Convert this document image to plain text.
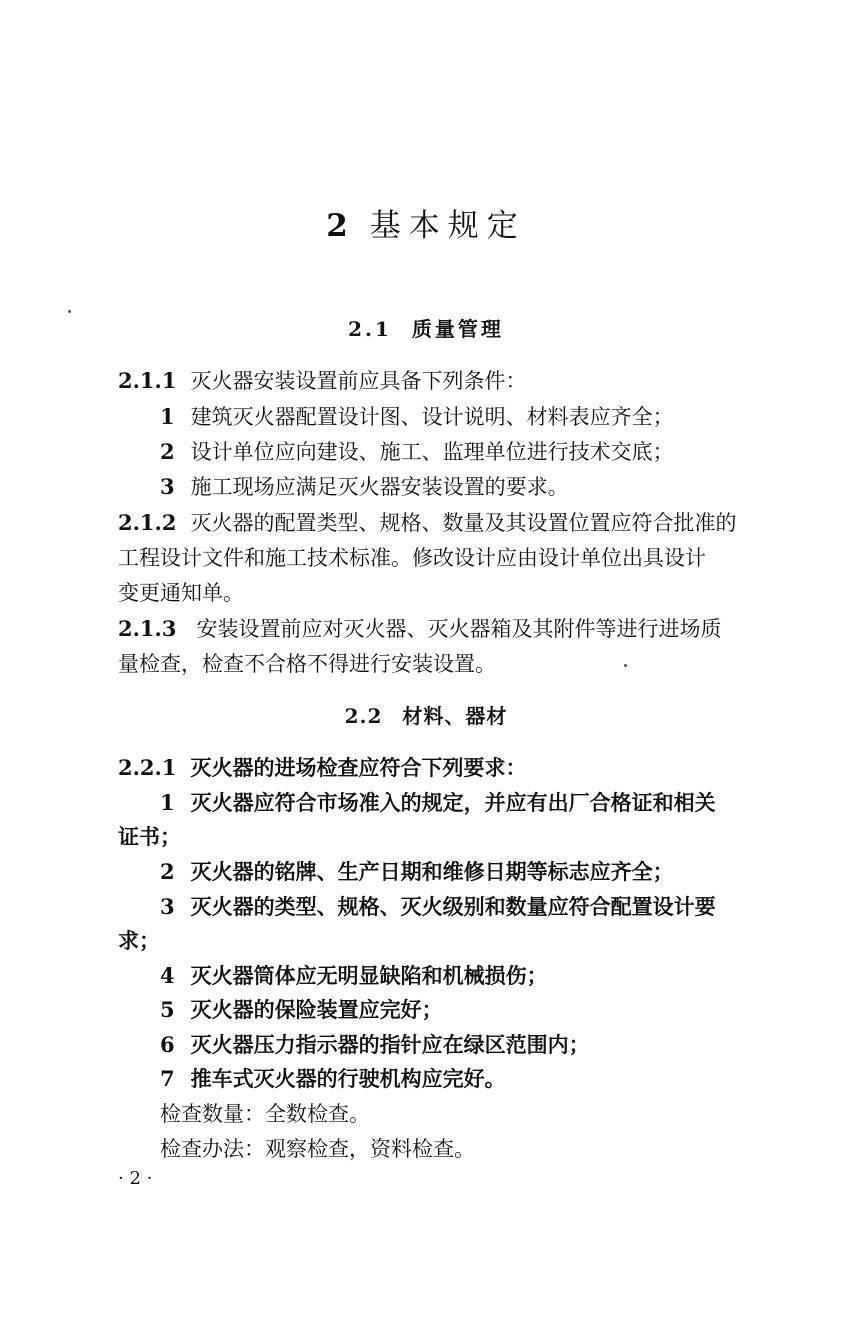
2 基本规定
2.1 质量管理
2.1.1 灭火器安装设置前应具备下列条件：
1 建筑灭火器配置设计图、设计说明、材料表应齐全；
2 设计单位应向建设、施工、监理单位进行技术交底；
3 施工现场应满足灭火器安装设置的要求。
2.1.2 灭火器的配置类型、规格、数量及其设置位置应符合批准的
工程设计文件和施工技术标准。修改设计应由设计单位出具设计
变更通知单。
2.1.3 安装设置前应对灭火器、灭火器箱及其附件等进行进场质
量检查，检查不合格不得进行安装设置。
2.2 材料、器材
2.2.1 灭火器的进场检查应符合下列要求：
1 灭火器应符合市场准入的规定，并应有出厂合格证和相关
证书；
2 灭火器的铭牌、生产日期和维修日期等标志应齐全；
3 灭火器的类型、规格、灭火级别和数量应符合配置设计要
求；
4 灭火器筒体应无明显缺陷和机械损伤；
5 灭火器的保险装置应完好；
6 灭火器压力指示器的指针应在绿区范围内；
7 推车式灭火器的行驶机构应完好。
检查数量：全数检查。
检查办法：观察检查，资料检查。
· 2 ·
